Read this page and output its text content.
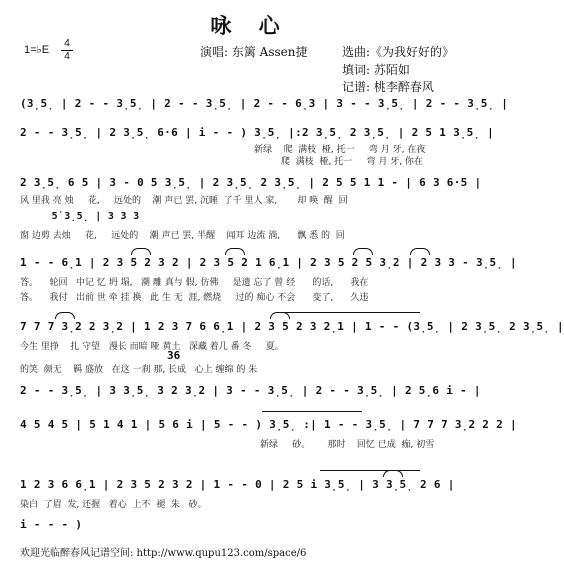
咏 心
1=♭E
4
4	演唱: 东篱 Assen捷	选曲:《为我好好的》
填词: 苏陌如
记谱: 桃李醉春风
(3̣5̣ | 2 - - 3̣5̣ | 2 - - 3̣5̣ | 2 - - 6̣3 | 3 - - 3̣5̣ | 2 - - 3̣5̣ |
2 - - 3̣5̣ | 2 3̣5̣ 6·6 | i - - ) 3̣5̣ |:2 3̣5̣ 2 3̣5̣ | 2 5 1 3̣5̣ |
新绿    爬  满枝  桠, 托一     弯 月 牙, 在夜
爬  满枝  桠, 托一     弯 月 牙, 你在
2 3̣5̣ 6 5 | 3 - 0 5 3̣5̣ | 2 3̣5̣ 2 3̣5̣ | 2 5 5 1 1 - | 6 3 6·5 |
风 里我 亮 烛     花,     远处的    潮 声已 罢, 沉睡  了千 里人 家,       却 唤  醒  回
5̇ 3̣5̣ | 3 3 3
窗 边剪 去烛     花,     远处的    潮 声已 罢, 半醒    闻耳 边流 淌,      飘 悉 的  回
1 - - 6̣1 | 2 3 5 2 3 2 | 2 3 5 2 1 6̣1 | 2 3 5 2 5 3̣2 | 2 3 3 - 3̣5̣ |
答。    轮回   中记 忆 坍 塌,   潮 雕 真与 假, 仿佛     是遗 忘了 曾 经      的话,      我在
答。    我付   出前 世 牵 挂 换   此 生 无  涯, 燃烧     过的 痴心 不会      变了,      久违
7 7 7 3̣2 2 3̣2 | 1 2 3 7 6 6̣1 | 2 3 5 2 3 2̣1 | 1 - - (3̣5̣ | 2 3̣5̣ 2 3̣5̣ |
今生 里挣    扎 守望   漫长 而暗 哑 黄土   深藏 着几 番 冬     夏。
36
的笑  颜无    羁 盛放   在这 一刹 那, 长成   心上 缠绵 的 朱
2 - - 3̣5̣ | 3 3̣5̣ 3 2 3̣2 | 3 - - 3̣5̣ | 2 - - 3̣5̣ | 2 5̣6 i - |
4 5 4 5 | 5 1 4 1 | 5 6 i | 5 - - ) 3̣5̣ :| 1 - - 3̣5̣ | 7 7 7 3̣2 2 2 |
新绿     砂。      那时    回忆 已成  痂, 初雪
1 2 3 6 6̣1 | 2 3 5 2 3 2 | 1 - - 0 | 2 5 i 3̣5̣ | 3 3̣5̣ 2 6 |
染白  了眉  发, 还握   着心  上不  褪  朱   砂。
i - - - )
欢迎光临醉春风记谱空间: http://www.qupu123.com/space/6
